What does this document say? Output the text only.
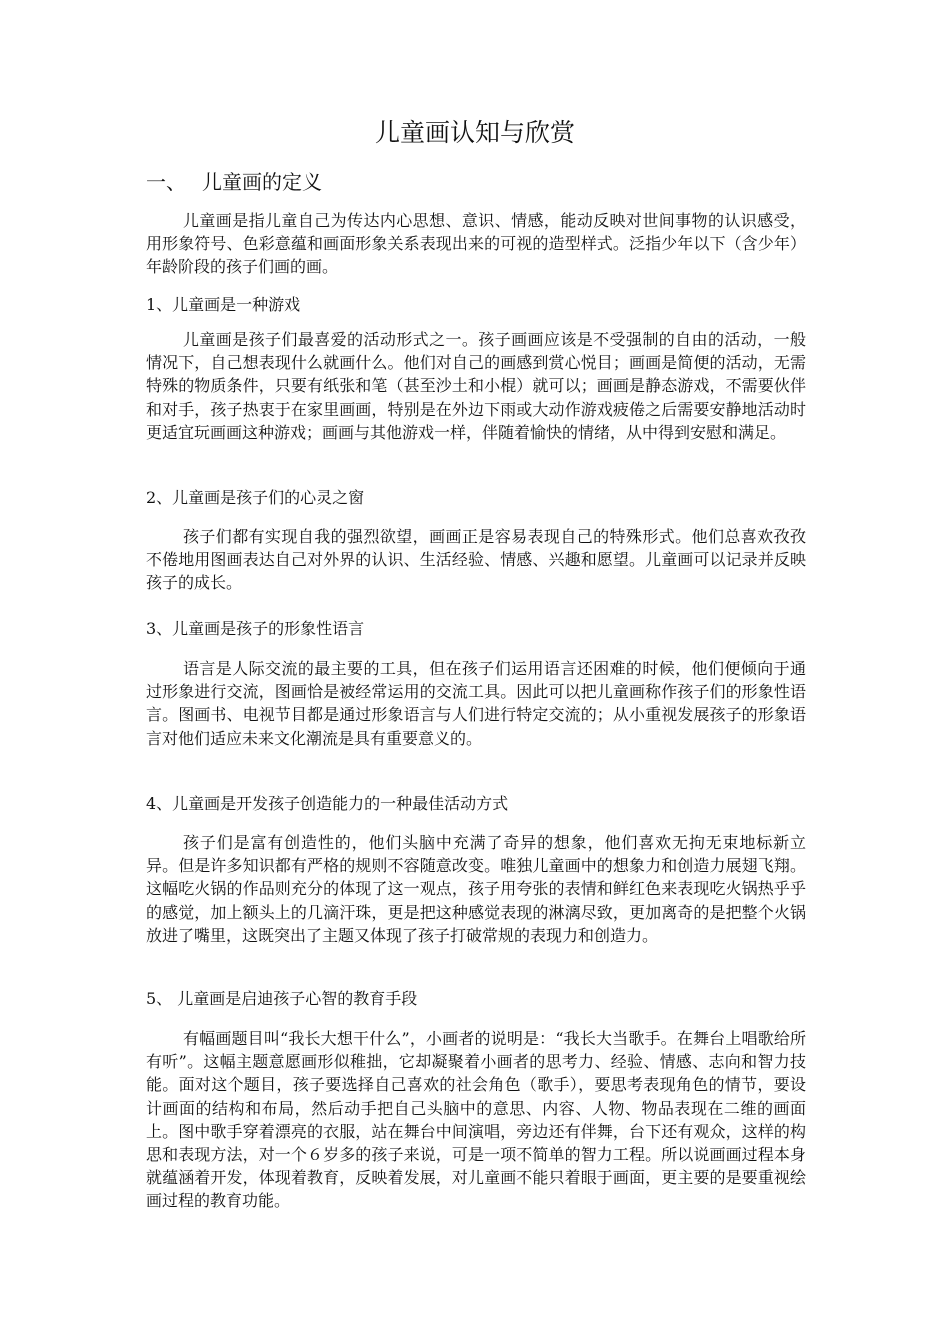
儿童画认知与欣赏
一、 儿童画的定义

儿童画是指儿童自己为传达内心思想、意识、情感，能动反映对世间事物的认识感受，用形象符号、色彩意蕴和画面形象关系表现出来的可视的造型样式。泛指少年以下（含少年）年龄阶段的孩子们画的画。

1、儿童画是一种游戏

儿童画是孩子们最喜爱的活动形式之一。孩子画画应该是不受强制的自由的活动，一般情况下，自己想表现什么就画什么。他们对自己的画感到赏心悦目；画画是简便的活动，无需特殊的物质条件，只要有纸张和笔（甚至沙土和小棍）就可以；画画是静态游戏，不需要伙伴和对手，孩子热衷于在家里画画，特别是在外边下雨或大动作游戏疲倦之后需要安静地活动时更适宜玩画画这种游戏；画画与其他游戏一样，伴随着愉快的情绪，从中得到安慰和满足。

2、儿童画是孩子们的心灵之窗

孩子们都有实现自我的强烈欲望，画画正是容易表现自己的特殊形式。他们总喜欢孜孜不倦地用图画表达自己对外界的认识、生活经验、情感、兴趣和愿望。儿童画可以记录并反映孩子的成长。

3、儿童画是孩子的形象性语言

语言是人际交流的最主要的工具，但在孩子们运用语言还困难的时候，他们便倾向于通过形象进行交流，图画恰是被经常运用的交流工具。因此可以把儿童画称作孩子们的形象性语言。图画书、电视节目都是通过形象语言与人们进行特定交流的；从小重视发展孩子的形象语言对他们适应未来文化潮流是具有重要意义的。

4、儿童画是开发孩子创造能力的一种最佳活动方式

孩子们是富有创造性的，他们头脑中充满了奇异的想象，他们喜欢无拘无束地标新立异。但是许多知识都有严格的规则不容随意改变。唯独儿童画中的想象力和创造力展翅飞翔。这幅吃火锅的作品则充分的体现了这一观点，孩子用夸张的表情和鲜红色来表现吃火锅热乎乎的感觉，加上额头上的几滴汗珠，更是把这种感觉表现的淋漓尽致，更加离奇的是把整个火锅放进了嘴里，这既突出了主题又体现了孩子打破常规的表现力和创造力。

5、 儿童画是启迪孩子心智的教育手段

有幅画题目叫“我长大想干什么”，小画者的说明是：“我长大当歌手。在舞台上唱歌给所有听”。这幅主题意愿画形似稚拙，它却凝聚着小画者的思考力、经验、情感、志向和智力技能。面对这个题目，孩子要选择自己喜欢的社会角色（歌手），要思考表现角色的情节，要设计画面的结构和布局，然后动手把自己头脑中的意思、内容、人物、物品表现在二维的画面上。图中歌手穿着漂亮的衣服，站在舞台中间演唱，旁边还有伴舞，台下还有观众，这样的构思和表现方法，对一个６岁多的孩子来说，可是一项不简单的智力工程。所以说画画过程本身就蕴涵着开发，体现着教育，反映着发展，对儿童画不能只着眼于画面，更主要的是要重视绘画过程的教育功能。
